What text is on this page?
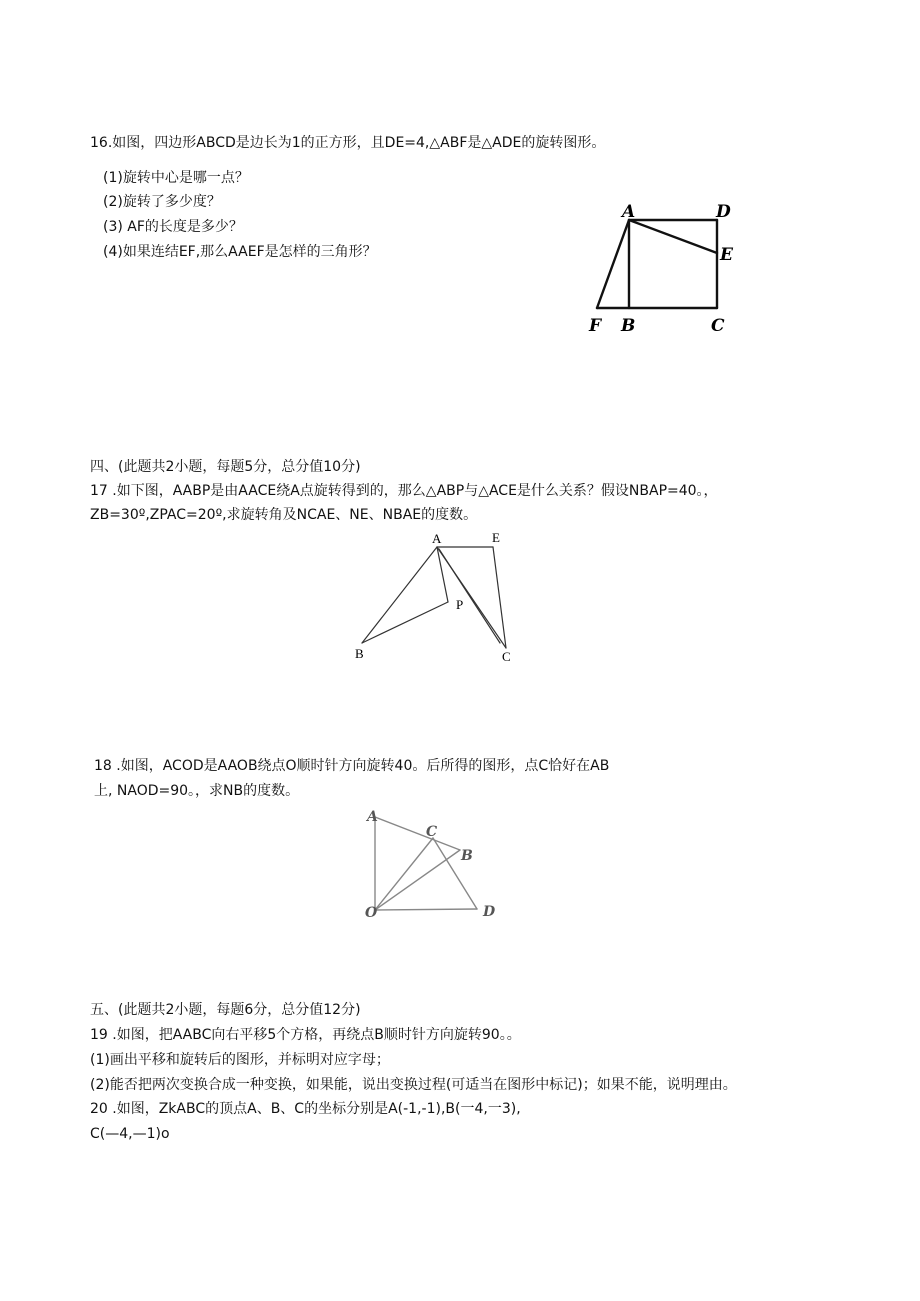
16.如图，四边形ABCD是边长为1的正方形，且DE=4,△ABF是△ADE的旋转图形。
(1)旋转中心是哪一点？
(2)旋转了多少度？
(3) AF的长度是多少？
(4)如果连结EF,那么AAEF是怎样的三角形？
A	D
E
F B	C
四、(此题共2小题，每题5分，总分值10分)
17 .如下图，AABP是由AACE绕A点旋转得到的，那么△ABP与△ACE是什么关系？假设NBAP=40。，
ZB=30º,ZPAC=20º,求旋转角及NCAE、NE、NBAE的度数。
A	E
P
B	C
18 .如图，ACOD是AAOB绕点O顺时针方向旋转40。后所得的图形，点C恰好在AB
上, NAOD=90。，求NB的度数。
A
C
B
O	D
五、(此题共2小题，每题6分，总分值12分)
19 .如图，把AABC向右平移5个方格，再绕点B顺时针方向旋转90。。
(1)画出平移和旋转后的图形，并标明对应字母；
(2)能否把两次变换合成一种变换，如果能，说出变换过程(可适当在图形中标记)；如果不能，说明理由。
20 .如图，ZkABC的顶点A、B、C的坐标分别是A(-1,-1),B(一4,一3),
C(—4,—1)o
